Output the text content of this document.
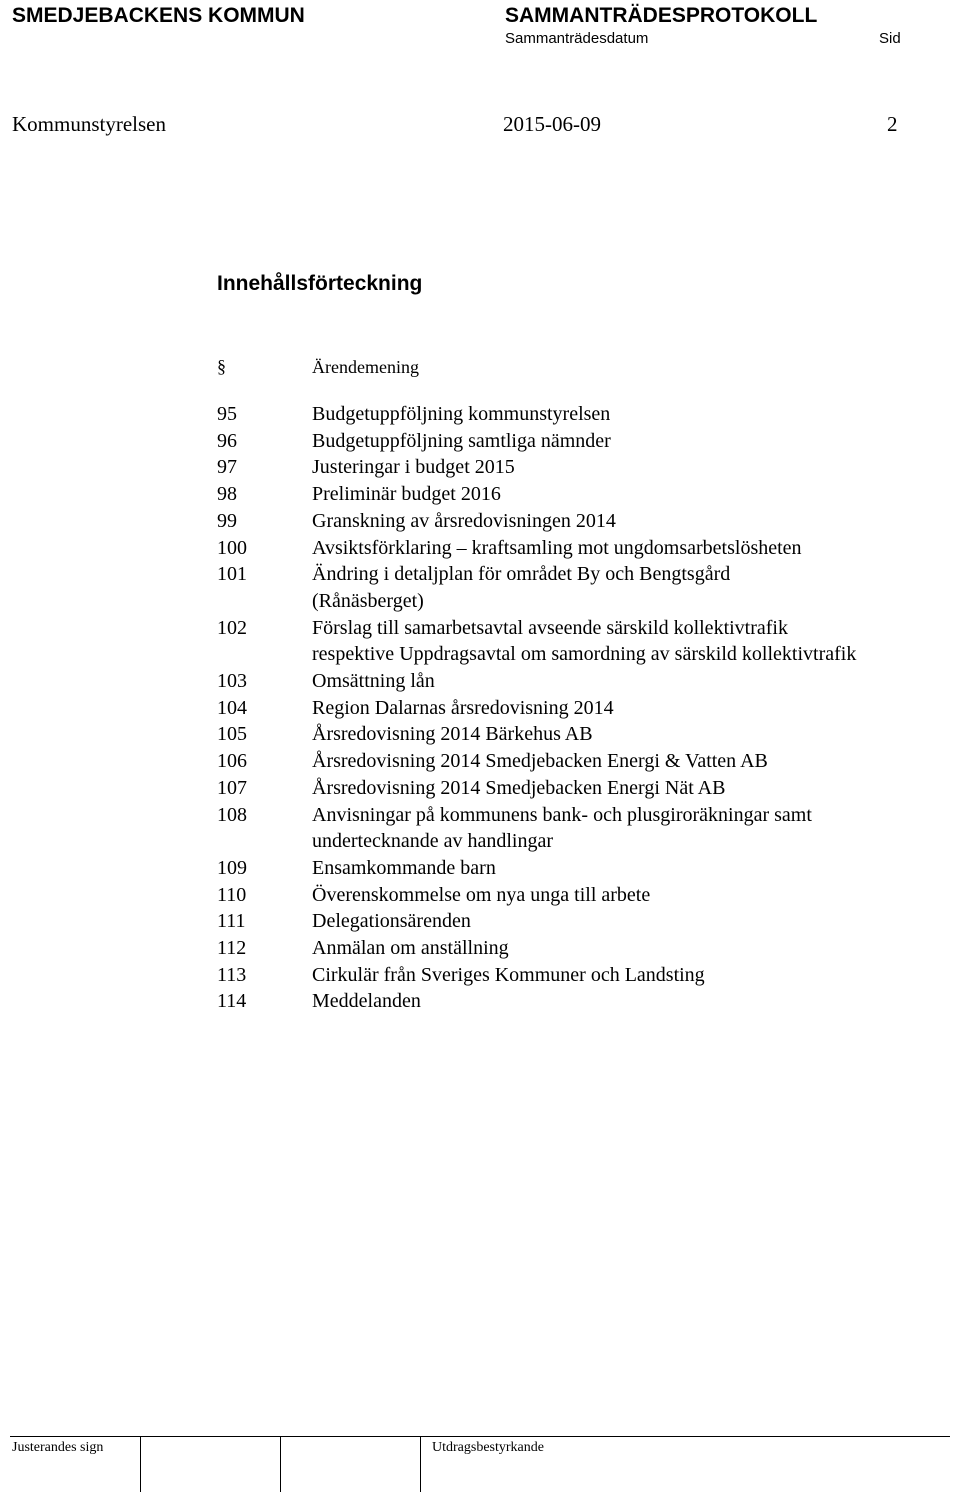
SMEDJEBACKENS KOMMUN	SAMMANTRÄDESPROTOKOLL
Sammanträdesdatum	Sid
Kommunstyrelsen	2015-06-09	2
Innehållsförteckning
§	Ärendemening
95	Budgetuppföljning kommunstyrelsen
96	Budgetuppföljning samtliga nämnder
97	Justeringar i budget 2015
98	Preliminär budget 2016
99	Granskning av årsredovisningen 2014
100	Avsiktsförklaring – kraftsamling mot ungdomsarbetslösheten
101	Ändring i detaljplan för området By och Bengtsgård (Rånäsberget)
102	Förslag till samarbetsavtal avseende särskild kollektivtrafik respektive Uppdragsavtal om samordning av särskild kollektivtrafik
103	Omsättning lån
104	Region Dalarnas årsredovisning 2014
105	Årsredovisning 2014 Bärkehus AB
106	Årsredovisning 2014 Smedjebacken Energi & Vatten AB
107	Årsredovisning 2014 Smedjebacken Energi Nät AB
108	Anvisningar på kommunens bank- och plusgiroräkningar samt undertecknande av handlingar
109	Ensamkommande barn
110	Överenskommelse om nya unga till arbete
111	Delegationsärenden
112	Anmälan om anställning
113	Cirkulär från Sveriges Kommuner och Landsting
114	Meddelanden
Justerandes sign	Utdragsbestyrkande
